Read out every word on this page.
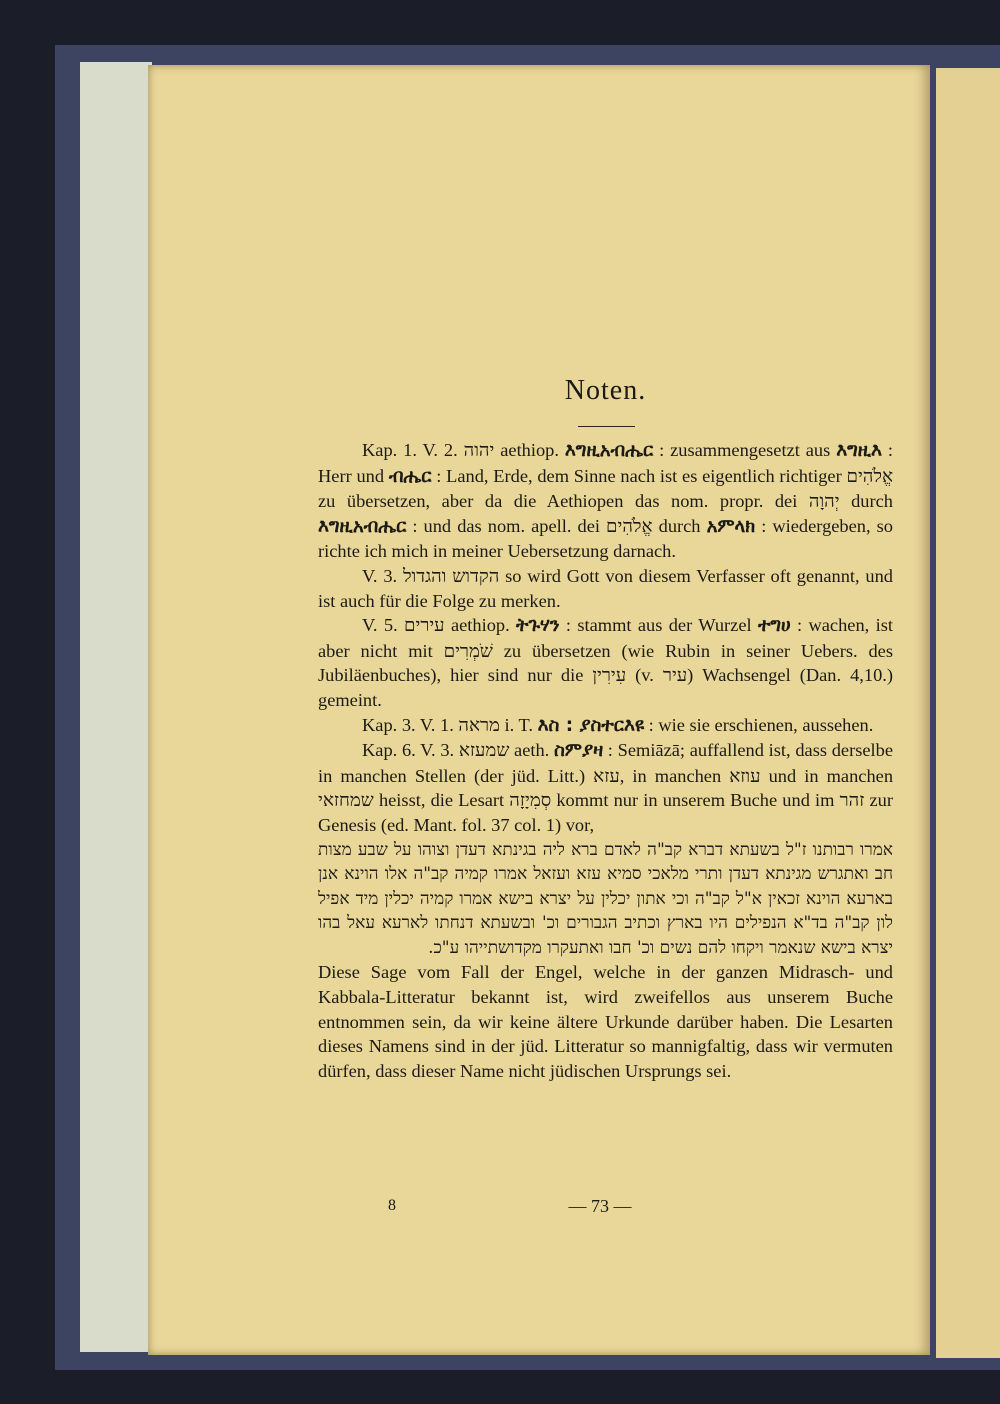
Noten.

Kap. 1. V. 2. יהוה aethiop. እግዚአብሔር : zusammengesetzt aus እግዚእ : Herr und ብሔር : Land, Erde, dem Sinne nach ist es eigentlich richtiger אֱלֹהִים zu übersetzen, aber da die Aethiopen das nom. propr. dei יְהוָה durch እግዚአብሔር : und das nom. apell. dei אֱלֹהִים durch አምላክ : wiedergeben, so richte ich mich in meiner Uebersetzung darnach.

V. 3. הקדוש והגדול so wird Gott von diesem Verfasser oft genannt, und ist auch für die Folge zu merken.

V. 5. עירים aethiop. ትጉሃን : stammt aus der Wurzel ተግሀ : wachen, ist aber nicht mit שֹׁמְרִים zu übersetzen (wie Rubin in seiner Uebers. des Jubiläenbuches), hier sind nur die עִירִין (v. עיר) Wachsengel (Dan. 4,10.) gemeint.

Kap. 3. V. 1. מראה i. T. እስ : ያስተርእዩ : wie sie erschienen, aussehen.

Kap. 6. V. 3. שמעזא aeth. ስምያዛ : Semiāzā; auffallend ist, dass derselbe in manchen Stellen (der jüd. Litt.) עזא, in manchen עוזא und in manchen שמחזאי heisst, die Lesart סְמִיָזָה kommt nur in unserem Buche und im זהר zur Genesis (ed. Mant. fol. 37 col. 1) vor,

אמרו רבותנו ז"ל בשעתא דברא קב"ה לאדם ברא ליה בגינתא דעדן וצוהו על שבע מצות חב ואתגרש מגינתא דעדן ותרי מלאכי סמיא עזא ועזאל אמרו קמיה קב"ה אלו הוינא אנן בארעא הוינא זכאין א"ל קב"ה וכי אתון יכלין על יצרא בישא אמרו קמיה יכלין מיד אפיל לון קב"ה בד"א הנפילים היו בארץ וכתיב הגבורים וכ' ובשעתא דנחתו לארעא עאל בהו יצרא בישא שנאמר ויקחו להם נשים וכ' חבו ואתעקרו מקדושתייהו ע"כ.

Diese Sage vom Fall der Engel, welche in der ganzen Midrasch- und Kabbala-Litteratur bekannt ist, wird zweifellos aus unserem Buche entnommen sein, da wir keine ältere Urkunde darüber haben. Die Lesarten dieses Namens sind in der jüd. Litteratur so mannigfaltig, dass wir vermuten dürfen, dass dieser Name nicht jüdischen Ursprungs sei.

8	— 73 —
